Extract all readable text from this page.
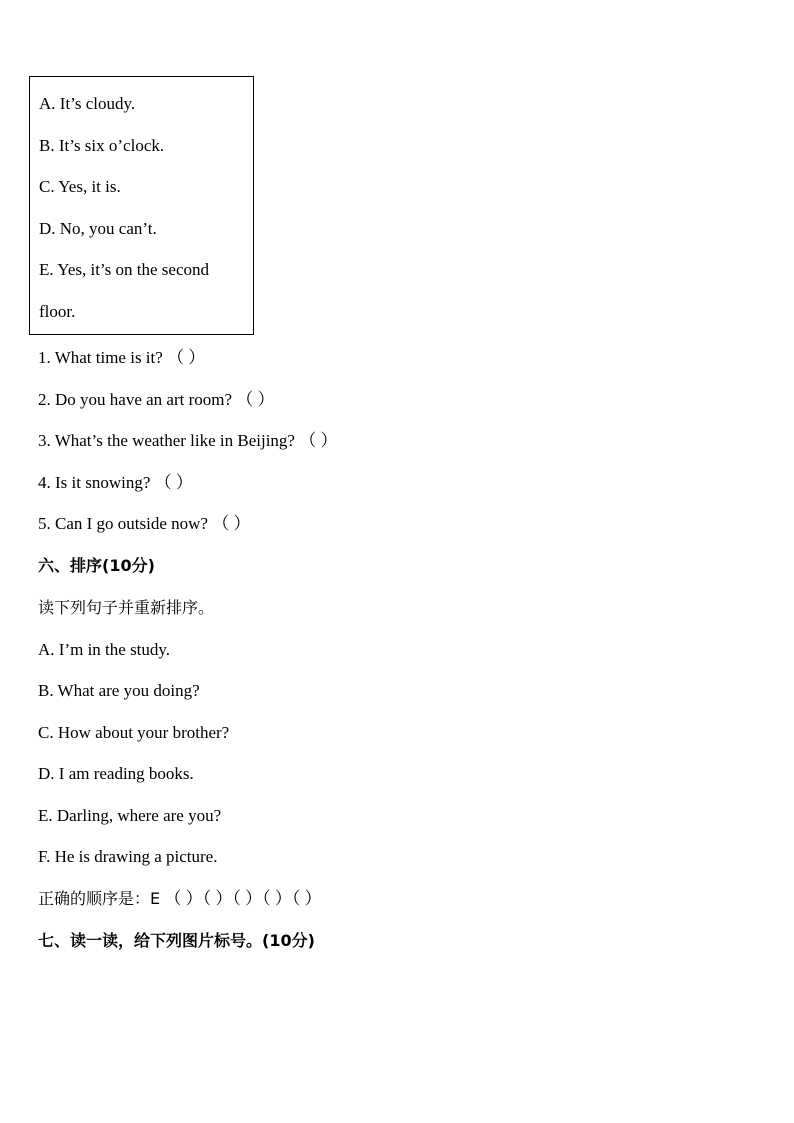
A. It’s cloudy.
B. It’s six o’clock.
C. Yes, it is.
D. No, you can’t.
E. Yes, it’s on the second
floor.
1. What time is it? （ ）
2. Do you have an art room? （ ）
3. What’s the weather like in Beijing? （ ）
4. Is it snowing? （ ）
5. Can I go outside now? （ ）
六、排序(10分)
读下列句子并重新排序。
A. I’m in the study.
B. What are you doing?
C. How about your brother?
D. I am reading books.
E. Darling, where are you?
F. He is drawing a picture.
正确的顺序是：E （ ）（ ）（ ）（ ）（ ）
七、读一读，给下列图片标号。(10分)
